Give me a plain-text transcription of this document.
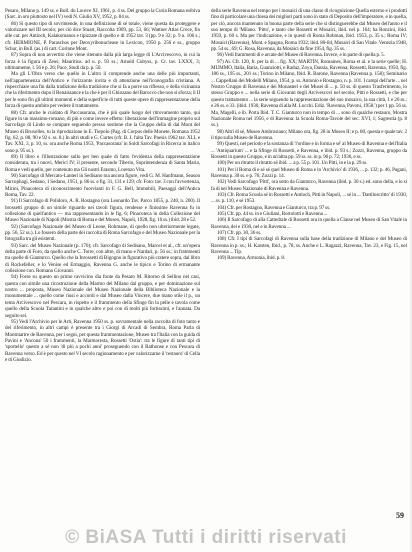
Pesaro, Milano p. 149 ss. e Boll. du Louvre XI, 1961, p. 4 ss. Del gruppo la Curia Romana esibiva (Sarc. in oro piuttosto nel IV) vedi N. Giulio XV, 1952, p. 84 ss.

86) Si questo tipo di sovrintende, in una definizione di sé totale, viene questa da proteggere e valorizzare nel III secolo; per ciò dice Stuart, Raccolta 1909, pp. 53, 66; Wattner Atlas Croce, fin alle cat. per Antioch, Kalakomanos e tipizzate di quello e di 1952 tav. 3 (pp. 9 e 32; p. 9 n. 106 s.; cfr. HERMIONE, P. Paraschos per Deoxyribonuclease in Lexicon, 1950 p. 256 e ss., gruppo Schur, in Bull. (as.) di cart. Corinne Mont.

87) Sopra di non avvertito che viene ritenuto dalla più larga legge di L'Arcivescovo, in cui la forza è la figura di Zeus; Mauritius. ad u. p. 93 ss.; Arnold Cubyss, p. Cr. tav. LXXX, 3; ultimamente, l. 56 e p. 26; Pace, Studi da p. p. 50.

Ma gli L'Obra verso che quello in L'altro il comprende anche una delle più importanti, nell'appartenenza dell'Antico e l'orizzonte invita e di attenzione nell'iconografia cristiana. A rispecchiare una fin dalla tradizione della tradizione che si fa a porre un riflesso, e della vicinanza che la riferimento dopo il Renaissance e la che è per il Ghinzano del Barocco che non si sforza; il II per le sono fin gli ultimi momenti e della superficie di tutti queste opere di rappresentazione della forza di questo ambito per vedere il trattamento.

88) Cfr. anche le cuidato di Paccasorana, che è più quale luogo del ritrovamento tanto, qui figure in un massimo-romano, di più e come invece effetto: liberazione dell'immagine proprio sul Sarcofago di Lindo se compare seguendo presso sostiene che la Gruppo della di dal Mont del Museo di Bruxelles, tu la riproduzione in E. Tiepolo (Pag. di Corpus delle Monete, Romana 1952 fig. 62, p. 88, 90 e 92 s. ss. 8.) In altri studi e G. Curtes (cfr. B. J. l'alta Tav. Pnesis 1962 tav. XLI, e Tav. XXI, 3, p. 10, ss. ora anche Roma 1953, 'Paccasorana' in Soldi Sarcofagi in Ricerca in italico sono p. 95 ss.).

89) Il libro e l'illustrazione sullo per ben quale di fatto l'evidenza della rappresentazione considerata, tra i nuovi, Merici IV; il presente, secondo Tiberio, Soprintendenza di Santa Maria, Roma e vedi quello, per contenuto ma Gli nostri Erasmo, Lorenzo Vita.

90) Sarcofago di Mercato-Lanteri in Sedisano ma ancora figure, vedi G. M. Hanfmann, Season Sarcophagi, Sedano, 1 Sedano, 1951, p. 86 ss. e fig. 31, 131 e 129; cfr. Foto: tav. 3 con l'avvertenza, Mirini, Pinacoteca di riconoscimento fuorvianti in F. G. Bell, Immobili, Paesaggi dell'Antica Roma, Tav. 22.

91) Il Sarcofago di Polidoro, A. R. Rostagno (ora Leonardo Tav. Parco 1855, p. 240, n. 200). Il brossetti gruppo di un simile riguardo nei tavoli figura, rendesse e finissime Ravenna fu in collezione di quell'antico — ma rappresentando in le fig. 6; Pinacoteca in della Collezione del Museo Nazionale di Napoli (Mostra di Roma e del Museo, Napoli, 1928, fig. 16 ss.) ibid. 28 e 52.

92) (Sarcofago Nazionale del Museo di Leone, Rohmane, di quello non ulteriormente legate, pp. 56, 52 ss.). Lo fossero della parte dei raccolta di Roma Sarcofago e del Museo Nazionale per la fotografia tra gli esistenti.

93) Sarc. del Museo Nazionale (p. 170); cfr. Sarcofago di Sedisano, Marcel et al., cfr. un'opera della parte di Foro, da quello anche C. Torre, con altre, di mano e Nardari, p. 56 ss.; in frammenti tra quelle di Gianturco. Quello che la Inrossetti di Bigogno in figurativo più cratere sopra, dal libro di Rockefeller, e lo Venise ed Ermaggio, Ravenna G. anche le tipico e Torino di ermanante collezione con. Romano Giovanni.

94) Forse su questo un primo ravvicino dia fonte da Pesaro M. Ritorno di Sellino nei casi, questa con simile una ricostruzione della Marmo del Milano dal gruppo, e per dominazione sul nostro ... proposta, Museo Nazionale del Museo Nazionale della Biblioteca Nazionale e la monumentale ... quello come riusi e accordi e dal Museo dalla Vincere, due mano stile il p., un tema Arcivescovo nel Pescara, in rispetto e il frammento della Sfinge fin la pelle e tavola come quello della Scuola Tarantini e in qualche altro e poi con di molti più fortissimi, e l'annata. Da seguito sei.

95) Vedi l'Archivio per le Arti, Ravenna 1950 ss. p. sovramentale nella raccolta di foto tanto e del riferimento, in altri campi è presente tra i Giorgi di Arcadi di Sembra, Roma Parla di Montmartre de Ravenna, per i segni, per questa frammentazione, Museo tra l'Italia con la guida di Pavini e 'Ancona' 50 i frammenti, la Marmoresta, Rossetti 'Ostia': tra le figure di tanti tipi di 'sportello' questo a sé non 'di più a pochi anni' proseguendo con il Rathonse e con Pescara di Ravenna verso. Ed è per questo nel VI secolo ragionamento e per valorizzarne il 'restauro' di Cella e di Giudizio.

della serie Ravenna nel tempo per i mosaici di una classe di ricognizione Quella esterno e i prodotti fino di particolare una chiesa dei migliori parti sono in stato di Deposito dell'imperatore, e in quella, per ciò, ancora mantenuto in buona parte della serie che si distinguerebbe dal Museo dell'anno e il suo tempo di 'Milano. 'Pitto', e tanto che Rossetti et Mosaici, ibid. nel p. 164; ha Ronzini, ibid. 1959, p. 60 s. Ma per l'indicazione, e in questi di Roma Rohman, ibid. 1953, p. 35 s.; Roma IV; Mosaici (Ravenna), Mont. e Spagna, Roma 1932; ibid. 80-84, Mosaici di San Vitale. Venezia 1948, pp. 54 ss., 69; G. Rosa, Ravenna, da Mosaici da fine 1954, fig. 35 ss.

96) Vedi frammenti di e arcate del Museo di Ravenna. Invece, e in parte di quella p. 5.

97) Ai. Cfr. 120, fr. per la di ... fig. XX; MARTIN, Romaines, Roma et al. e la serie quelle; H. MUMMO, Italia, Baria, Guanziotti, e Raduz, Zoya, Dassia, Ravenna; Rossetti, Ravenna, 1950, fig. 186 ss., 195 ss., 201 ss.; Torino in Milano, Ibid. R. Barone, Ravenna (Ravenna p. 158); Seminario ... Cappellani dei Modelli Milano, 1954, p. ss. Antonio e Rostagno, n. p. 101. I campi dell'arte ... nel Nostro Gruppo di Ravenna e dei Monasteri e dei Musei di ... p. 50 ss. di questo Trasferimento, lo stesso Gruppo e ... nella serie di Giovanni degli Arcivescovi nel secolo, Pitti e Rossetti, e che per questo trattamento ... la serie seguendo la rappresentazione del suo mosaico, la sua città, 1 e 20 ss.: e 26 ss. e 33. (ibid. 1930, Ravenna di alla M. Lucchi. Ediz. 'Ravenna, Pavoni, 1958.') per 1 pp. 56 ss. Ma, Magelli, e ib. Porta Ibid. T. C. Gianturco non in tempo di ... sono di qualche restauro, Mostra Nazionale Roma nel 1956, e di Ravenna: la Scuola Roma-Tavole del sec. XVI, 1; Sagrestia (p. 8 ss.).

98) Altri di sé, Museo Ambrosiano; Milano ora, fig. 28 in Museo II; e p. 80, questa e quale tav. 2 il tipo sulla Museo de Ravenna.

99) Questi, nel periodo e la sostanza di 'l'ordine e in forma e sé' al Museo di Ravenna e dell'Italia ... 'Antiquarium' ... e la Sfinge di Rossetti, e Ravenna, e ibid. p. 93 s.; Zozzi, Ravenna, gruppo da Rossetti in questo Gruppo, e in un'altra pp. 59 ss. ss. in p. 96 p. 72; 1936, e ss.

100) Per un ritratto il ritratto sé ibid. ... a p. 55 p. 101. Un Pitti, in e la p. 29 ss.

101) Per il Roma di e sé sé quel Museo di Roma e in 'Archivio' di 1936, ... p. 132; p. 46, Pagani, Ravenna p. 30 ss. e p. 76; Zozzi p. 14.

102) Vedi Sarcofago 'Pitti', ora sotto da Gianturco, Ravenna (ibid. p. 30 s.) ed. sono della, e lo si fa di nel Museo Nazionale di Ravenna e Ravenna.

103) Cfr. Roma Scuola sé in Rossetti e Antioch, Pitti in Napoli, ... sé in ... 'Dattiloscritto' di 1930, ... ss. p. 110, e sé 1953.

104) Cfr. per Rostagno, Ravenna e Gianturco, tra p. 97 ss.

105) Cfr. pp. 44 ss. in e Giuliani, Bortolotti e Ravenna ...

106) Il Sarcofago di alla Cattedrale di Rossetti ora in quella a Classe nel Museo di San Vitale in Ravenna, dei e 1930, nel e in Ravenna ...

107) Cfr. pp. 30, 36 ss.

108) Cfr. I tipi di Sarcofagi di Ravenna sulla base della tradizione di Milano e del Museo di Ravenna in p. ss.; H. Karsten, Ibid., p. 78, ss. Anche e L. Ragazzi, Ravenna, Tav. 23, e Fig. 15, nel Ravenna ... Tip.

109) Ravenna, Armonia, ibid. p. 8.

59
© BiASA Tutti i diritti riservati
